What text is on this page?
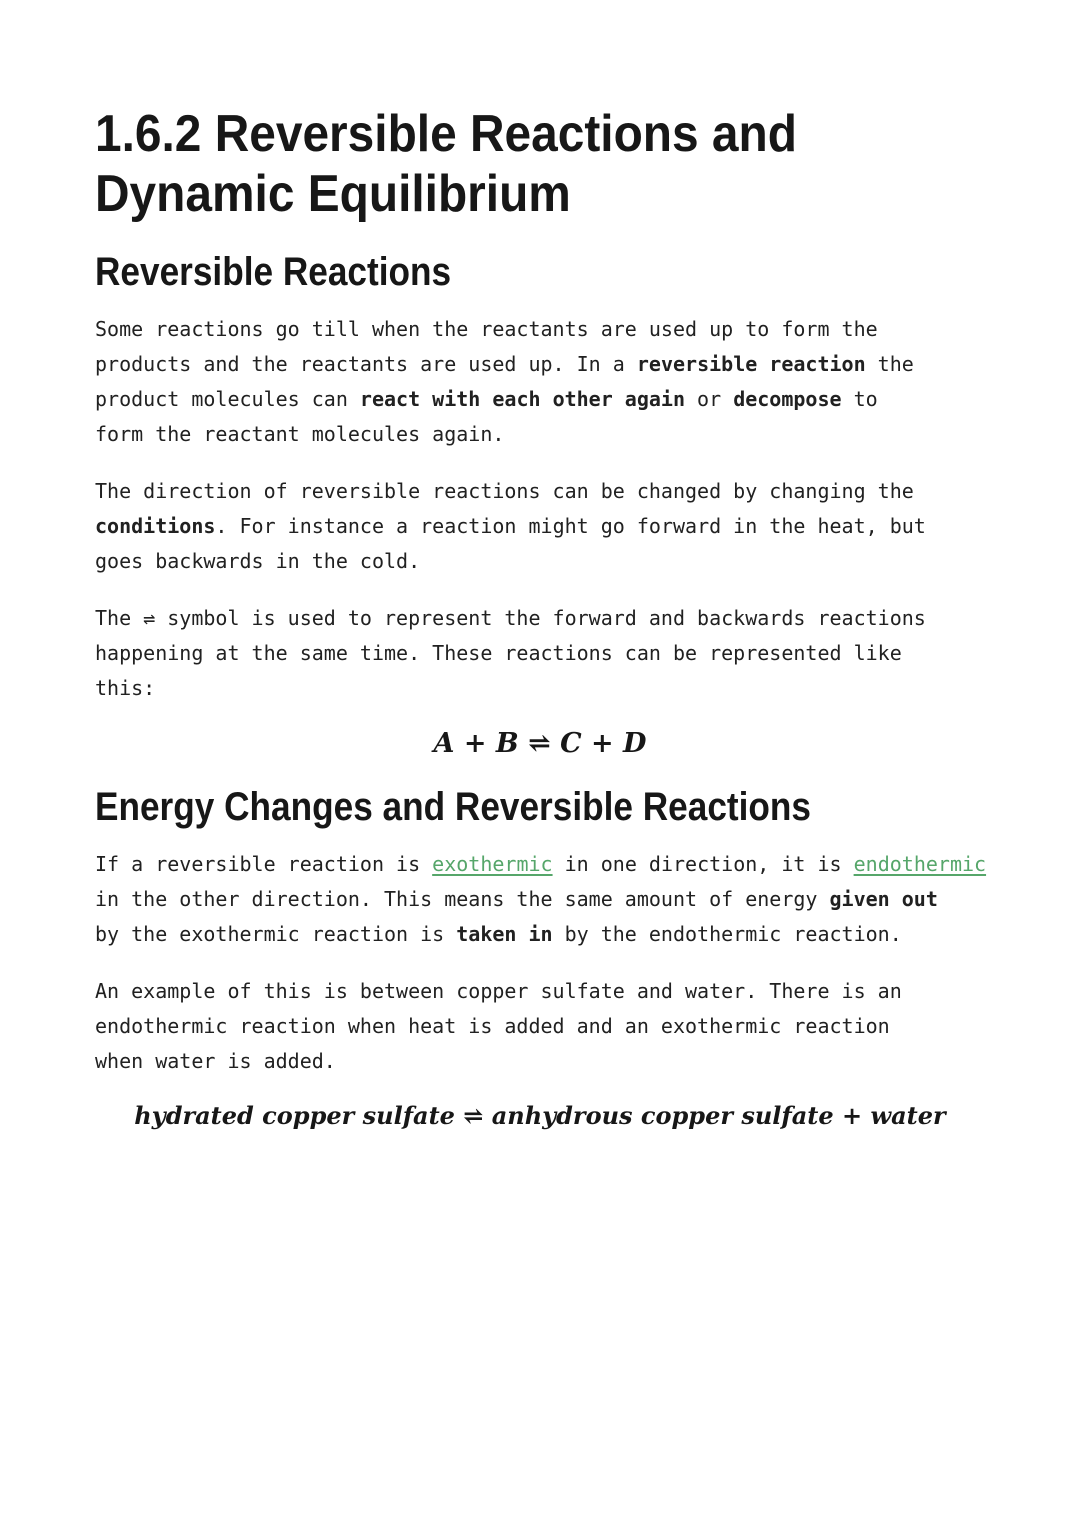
1.6.2 Reversible Reactions and
Dynamic Equilibrium
Reversible Reactions

Some reactions go till when the reactants are used up to form the
products and the reactants are used up. In a reversible reaction the
product molecules can react with each other again or decompose to
form the reactant molecules again.

The direction of reversible reactions can be changed by changing the
conditions. For instance a reaction might go forward in the heat, but
goes backwards in the cold.

The ⇌ symbol is used to represent the forward and backwards reactions
happening at the same time. These reactions can be represented like
this:

A + B ⇌ C + D
Energy Changes and Reversible Reactions

If a reversible reaction is exothermic in one direction, it is endothermic
in the other direction. This means the same amount of energy given out
by the exothermic reaction is taken in by the endothermic reaction.

An example of this is between copper sulfate and water. There is an
endothermic reaction when heat is added and an exothermic reaction
when water is added.

hydrated copper sulfate ⇌ anhydrous copper sulfate + water
